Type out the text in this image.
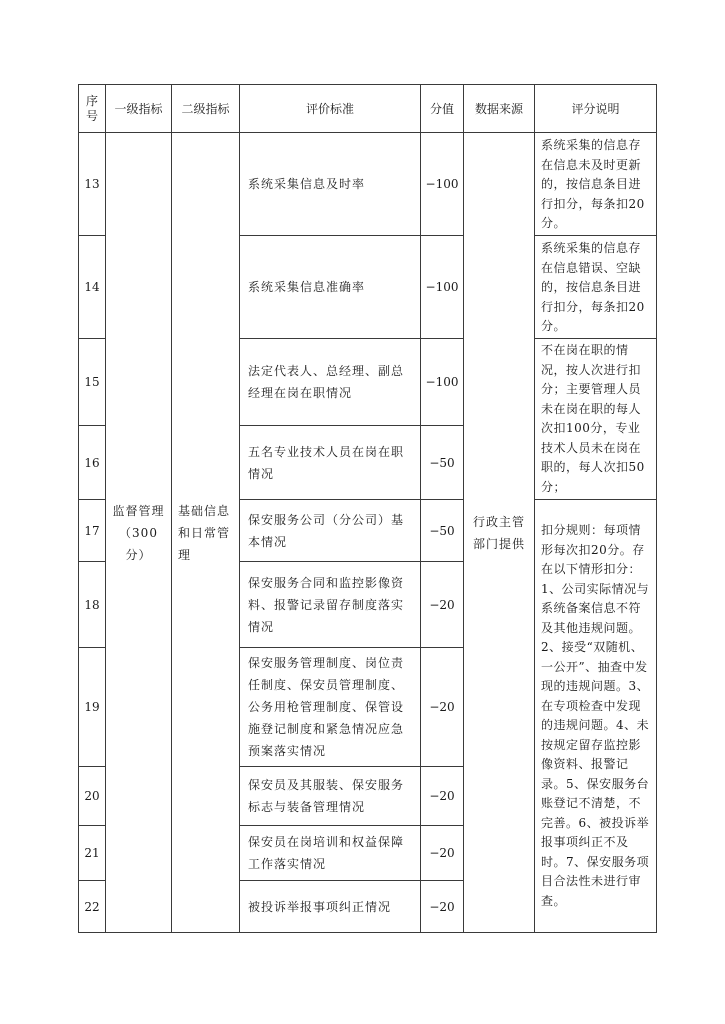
序号	一级指标	二级指标	评价标准	分值	数据来源	评分说明
13	监督管理（300分）	基础信息和日常管理	系统采集信息及时率	−100	行政主管部门提供	系统采集的信息存在信息未及时更新的，按信息条目进行扣分，每条扣20分。
14			系统采集信息准确率	−100		系统采集的信息存在信息错误、空缺的，按信息条目进行扣分，每条扣20分。
15			法定代表人、总经理、副总经理在岗在职情况	−100		不在岗在职的情况，按人次进行扣分；主要管理人员未在岗在职的每人次扣100分，专业技术人员未在岗在职的，每人次扣50分；
16			五名专业技术人员在岗在职情况	−50		
17			保安服务公司（分公司）基本情况	−50		扣分规则：每项情形每次扣20分。存在以下情形扣分：1、公司实际情况与系统备案信息不符及其他违规问题。2、接受“双随机、一公开”、抽查中发现的违规问题。3、在专项检查中发现的违规问题。4、未按规定留存监控影像资料、报警记录。5、保安服务台账登记不清楚，不完善。6、被投诉举报事项纠正不及时。7、保安服务项目合法性未进行审查。
18			保安服务合同和监控影像资料、报警记录留存制度落实情况	−20		
19			保安服务管理制度、岗位责任制度、保安员管理制度、公务用枪管理制度、保管设施登记制度和紧急情况应急预案落实情况	−20		
20			保安员及其服装、保安服务标志与装备管理情况	−20		
21			保安员在岗培训和权益保障工作落实情况	−20		
22			被投诉举报事项纠正情况	−20		
